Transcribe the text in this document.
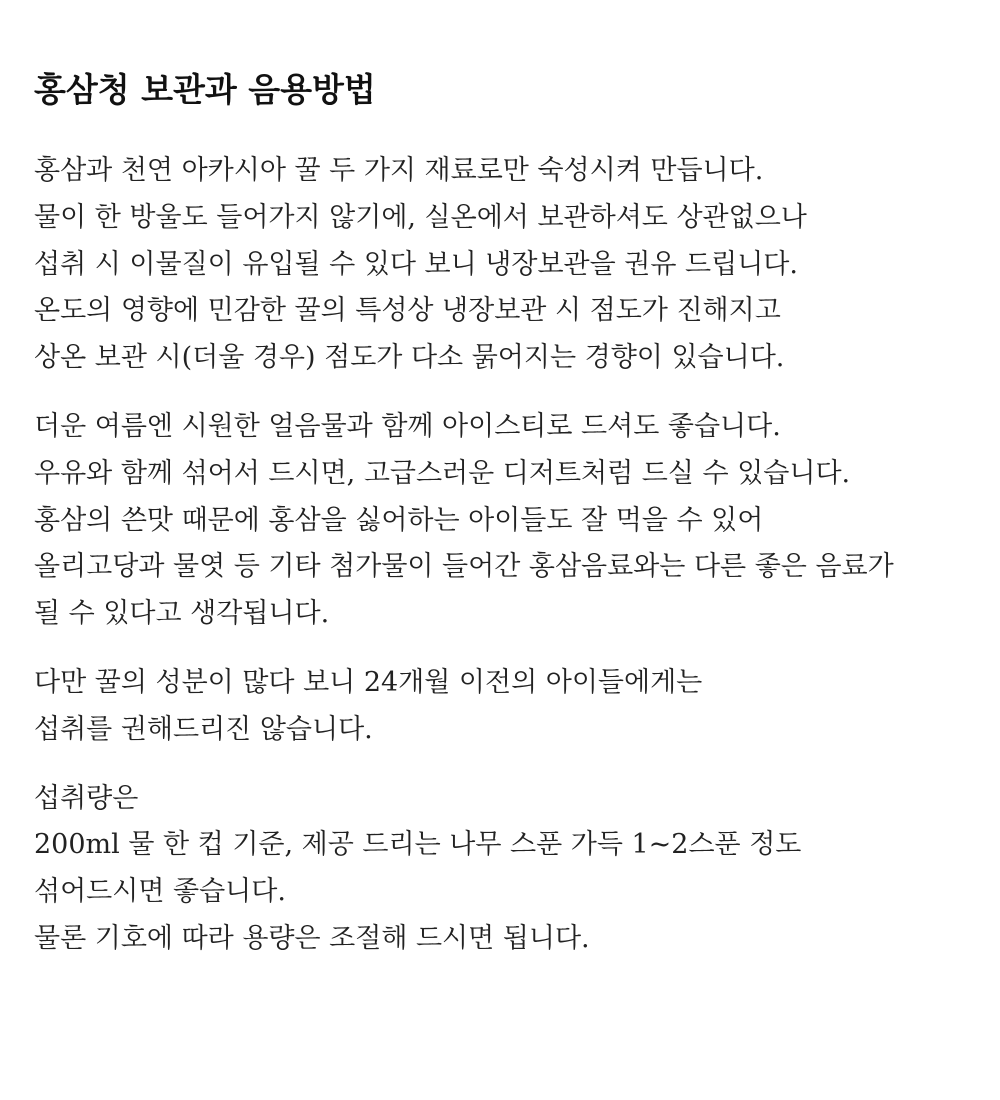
홍삼청 보관과 음용방법
홍삼과 천연 아카시아 꿀 두 가지 재료로만 숙성시켜 만듭니다.
물이 한 방울도 들어가지 않기에, 실온에서 보관하셔도 상관없으나
섭취 시 이물질이 유입될 수 있다 보니 냉장보관을 권유 드립니다.
온도의 영향에 민감한 꿀의 특성상 냉장보관 시 점도가 진해지고
상온 보관 시(더울 경우) 점도가 다소 묽어지는 경향이 있습니다.
더운 여름엔 시원한 얼음물과 함께 아이스티로 드셔도 좋습니다.
우유와 함께 섞어서 드시면, 고급스러운 디저트처럼 드실 수 있습니다.
홍삼의 쓴맛 때문에 홍삼을 싫어하는 아이들도 잘 먹을 수 있어
올리고당과 물엿 등 기타 첨가물이 들어간 홍삼음료와는 다른 좋은 음료가
될 수 있다고 생각됩니다.
다만 꿀의 성분이 많다 보니 24개월 이전의 아이들에게는
섭취를 권해드리진 않습니다.
섭취량은
200ml 물 한 컵 기준, 제공 드리는 나무 스푼 가득 1~2스푼 정도
섞어드시면 좋습니다.
물론 기호에 따라 용량은 조절해 드시면 됩니다.
